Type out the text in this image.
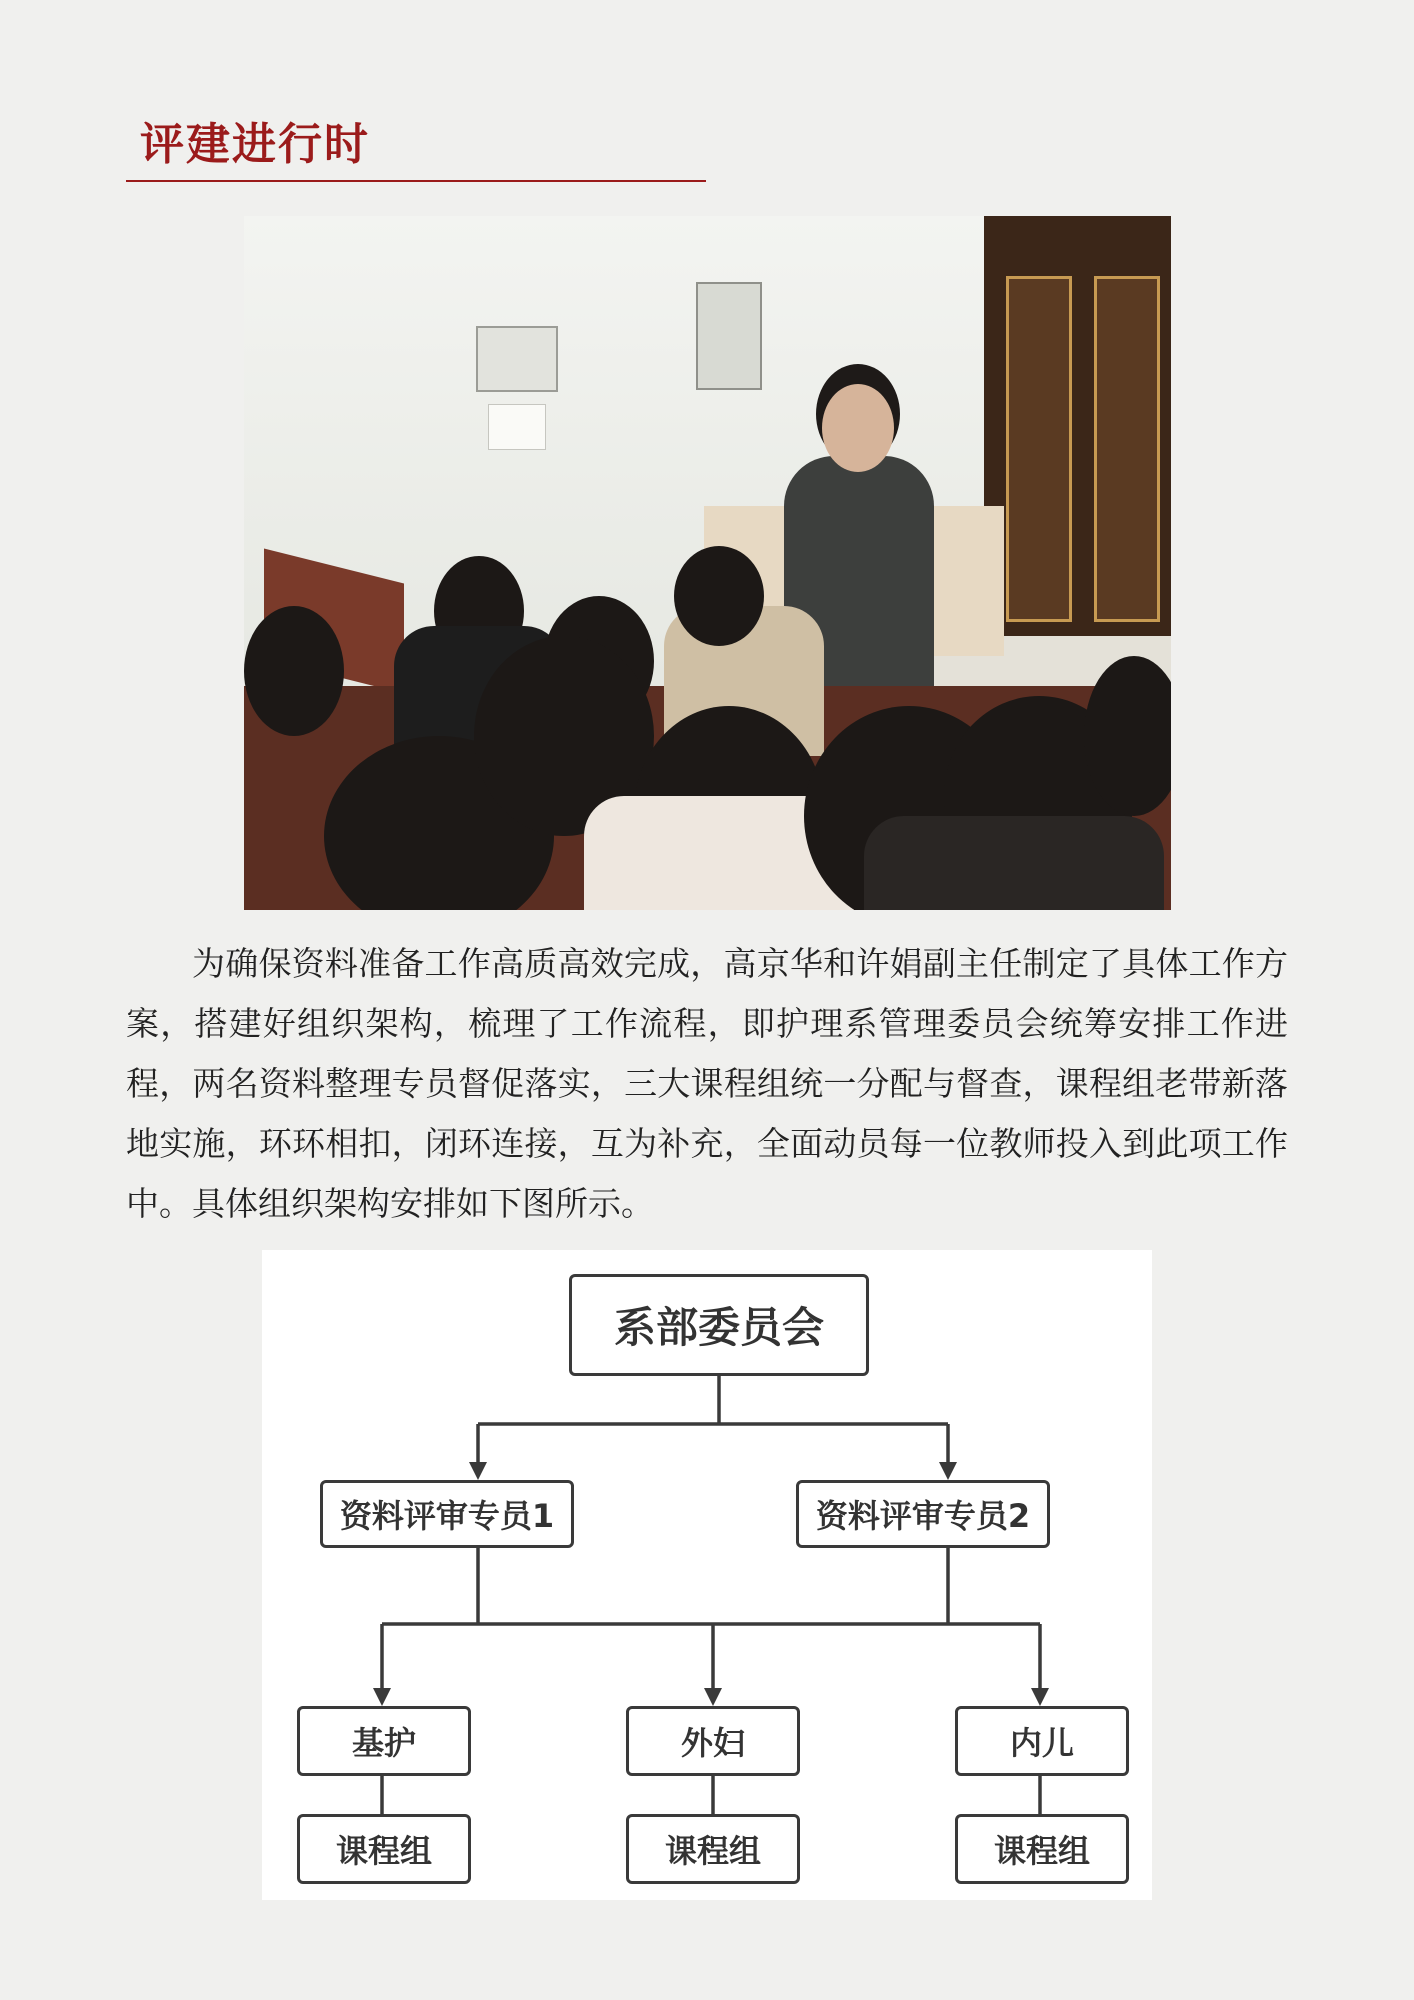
评建进行时
为确保资料准备工作高质高效完成，高京华和许娟副主任制定了具体工作方案，搭建好组织架构，梳理了工作流程，即护理系管理委员会统筹安排工作进程，两名资料整理专员督促落实，三大课程组统一分配与督查，课程组老带新落地实施，环环相扣，闭环连接，互为补充，全面动员每一位教师投入到此项工作中。具体组织架构安排如下图所示。
系部委员会
资料评审专员1	资料评审专员2
基护	外妇	内儿
课程组	课程组	课程组
